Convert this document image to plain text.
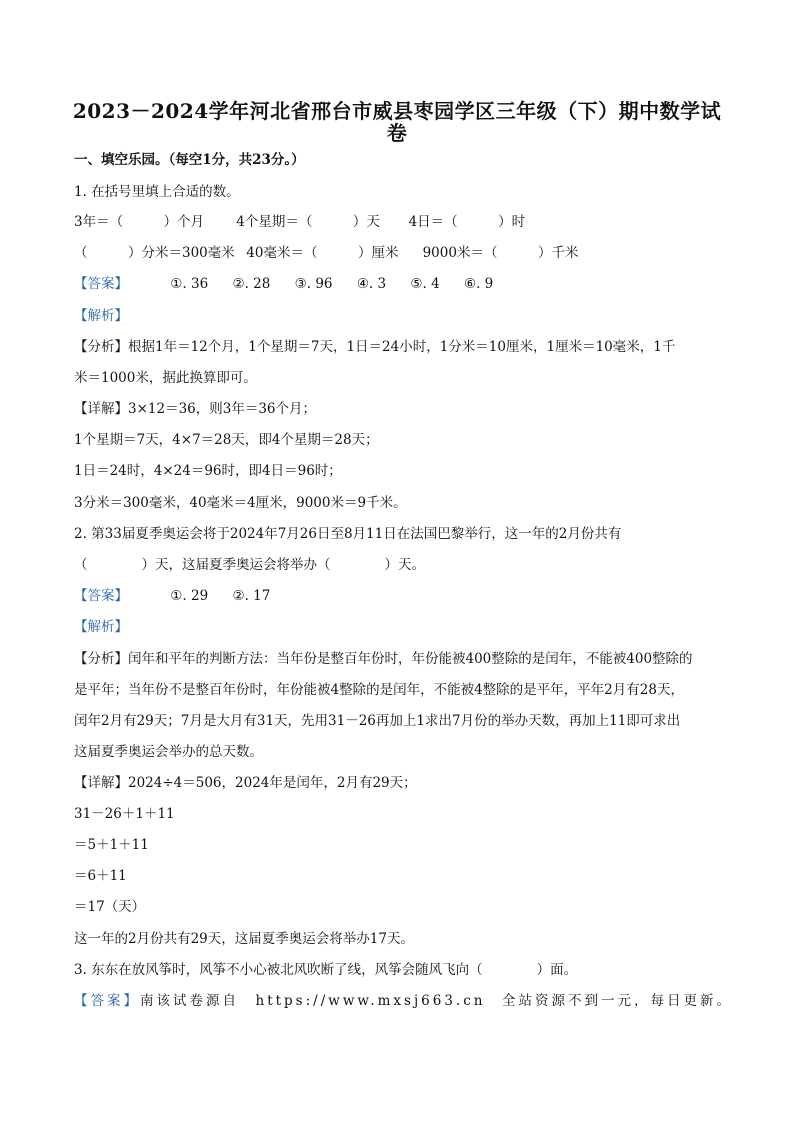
2023－2024学年河北省邢台市威县枣园学区三年级（下）期中数学试
卷
一、填空乐园。（每空1分，共23分。）
1. 在括号里填上合适的数。
3年＝（　　　）个月 4个星期＝（　　　）天 4日＝（　　　）时
（　　　）分米＝300毫米 40毫米＝（　　　）厘米 9000米＝（　　　）千米
【答案】	①. 36 ②. 28 ③. 96 ④. 3 ⑤. 4 ⑥. 9
【解析】
【分析】根据1年＝12个月，1个星期＝7天，1日＝24小时，1分米＝10厘米，1厘米＝10毫米，1千
米＝1000米，据此换算即可。
【详解】3×12＝36，则3年＝36个月；
1个星期＝7天，4×7＝28天，即4个星期＝28天；
1日＝24时，4×24＝96时，即4日＝96时；
3分米＝300毫米，40毫米＝4厘米，9000米＝9千米。
2. 第33届夏季奥运会将于2024年7月26日至8月11日在法国巴黎举行，这一年的2月份共有
（　　　　）天，这届夏季奥运会将举办（　　　　）天。
【答案】	①. 29 ②. 17
【解析】
【分析】闰年和平年的判断方法：当年份是整百年份时，年份能被400整除的是闰年，不能被400整除的
是平年；当年份不是整百年份时，年份能被4整除的是闰年，不能被4整除的是平年，平年2月有28天，
闰年2月有29天；7月是大月有31天，先用31－26再加上1求出7月份的举办天数，再加上11即可求出
这届夏季奥运会举办的总天数。
【详解】2024÷4＝506，2024年是闰年，2月有29天；
31－26＋1＋11
＝5＋1＋11
＝6＋11
＝17（天）
这一年的2月份共有29天，这届夏季奥运会将举办17天。
3. 东东在放风筝时，风筝不小心被北风吹断了线，风筝会随风飞向（　　　　）面。
【答案】南该试卷源自　https://www.mxsj663.cn　全站资源不到一元，每日更新。
